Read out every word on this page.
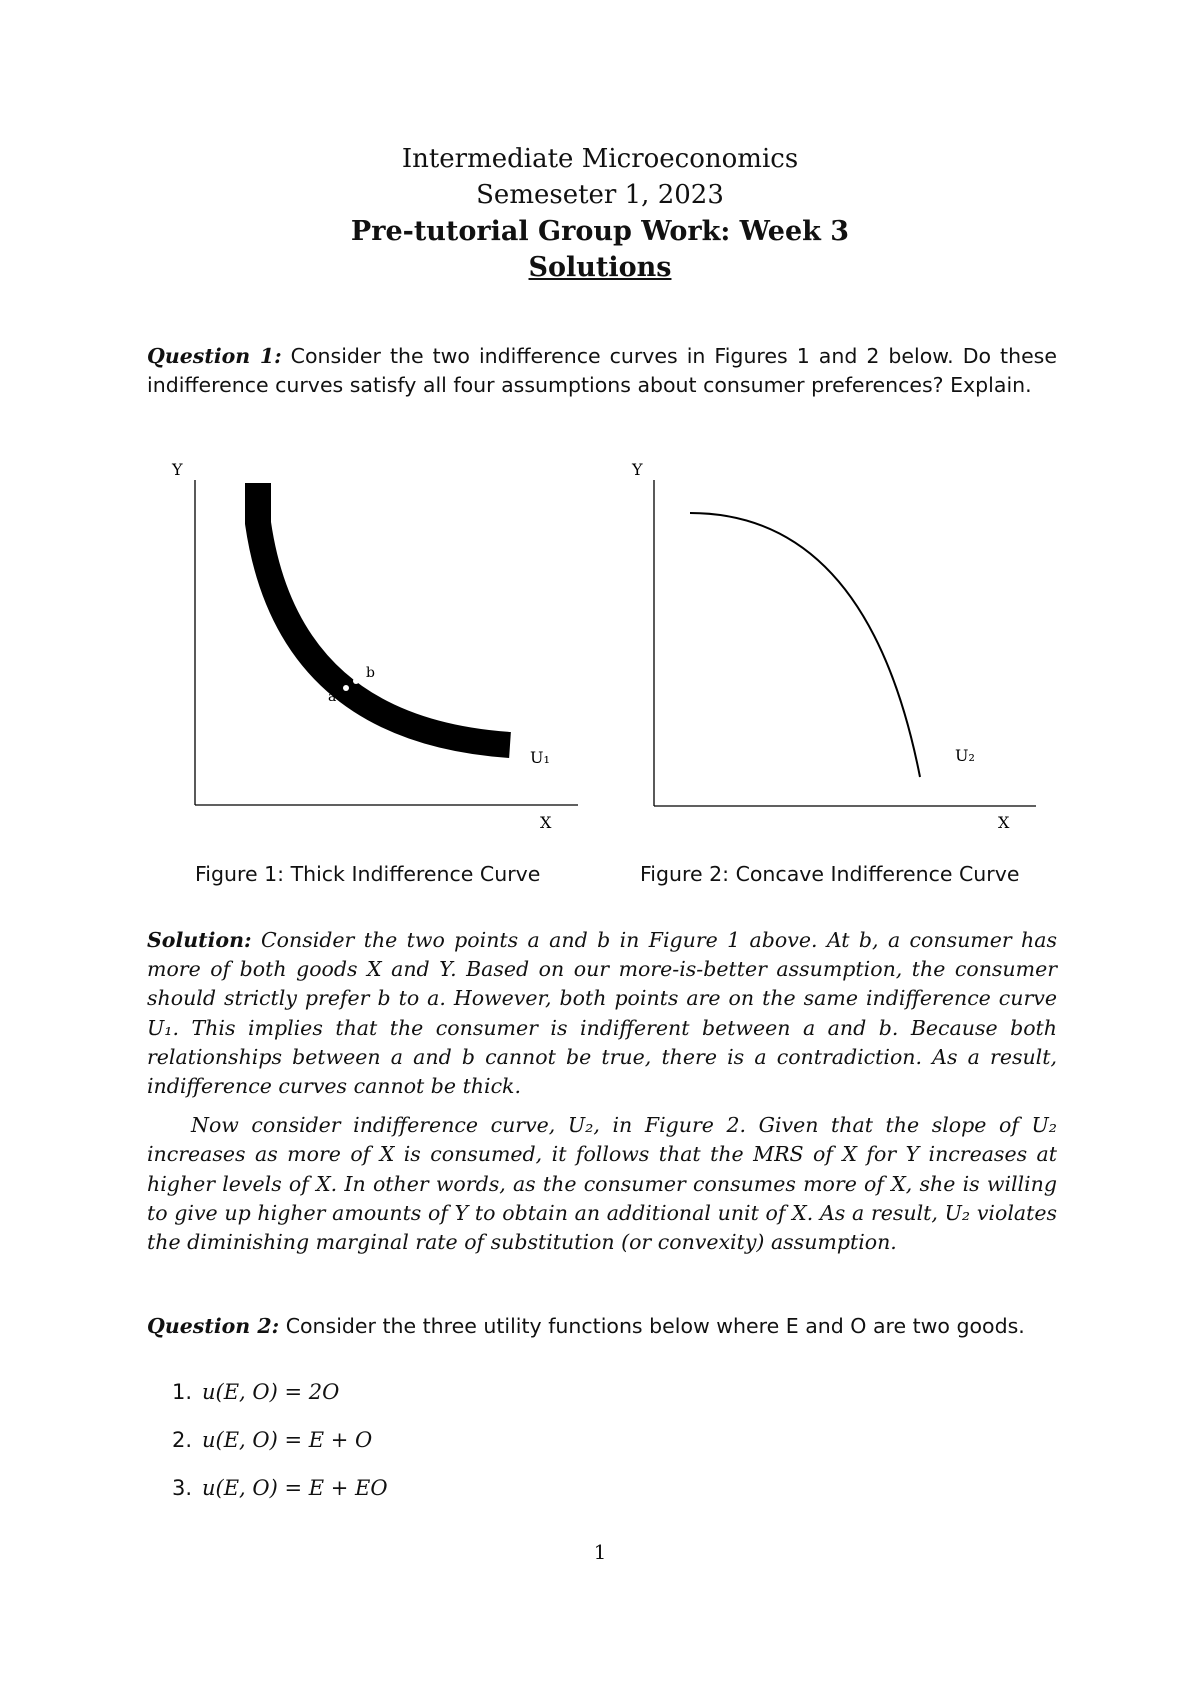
Intermediate Microeconomics
Semeseter 1, 2023
Pre-tutorial Group Work: Week 3
Solutions
Question 1: Consider the two indifference curves in Figures 1 and 2 below. Do these indifference curves satisfy all four assumptions about consumer preferences? Explain.
Y
X
a
b
U₁
Figure 1: Thick Indifference Curve
Y
X
U₂
Figure 2: Concave Indifference Curve

Solution: Consider the two points a and b in Figure 1 above. At b, a consumer has more of both goods X and Y. Based on our more-is-better assumption, the consumer should strictly prefer b to a. However, both points are on the same indifference curve U₁. This implies that the consumer is indifferent between a and b. Because both relationships between a and b cannot be true, there is a contradiction. As a result, indifference curves cannot be thick.

Now consider indifference curve, U₂, in Figure 2. Given that the slope of U₂ increases as more of X is consumed, it follows that the MRS of X for Y increases at higher levels of X. In other words, as the consumer consumes more of X, she is willing to give up higher amounts of Y to obtain an additional unit of X. As a result, U₂ violates the diminishing marginal rate of substitution (or convexity) assumption.

Question 2: Consider the three utility functions below where E and O are two goods.
1. u(E, O) = 2O
2. u(E, O) = E + O
3. u(E, O) = E + EO
1
